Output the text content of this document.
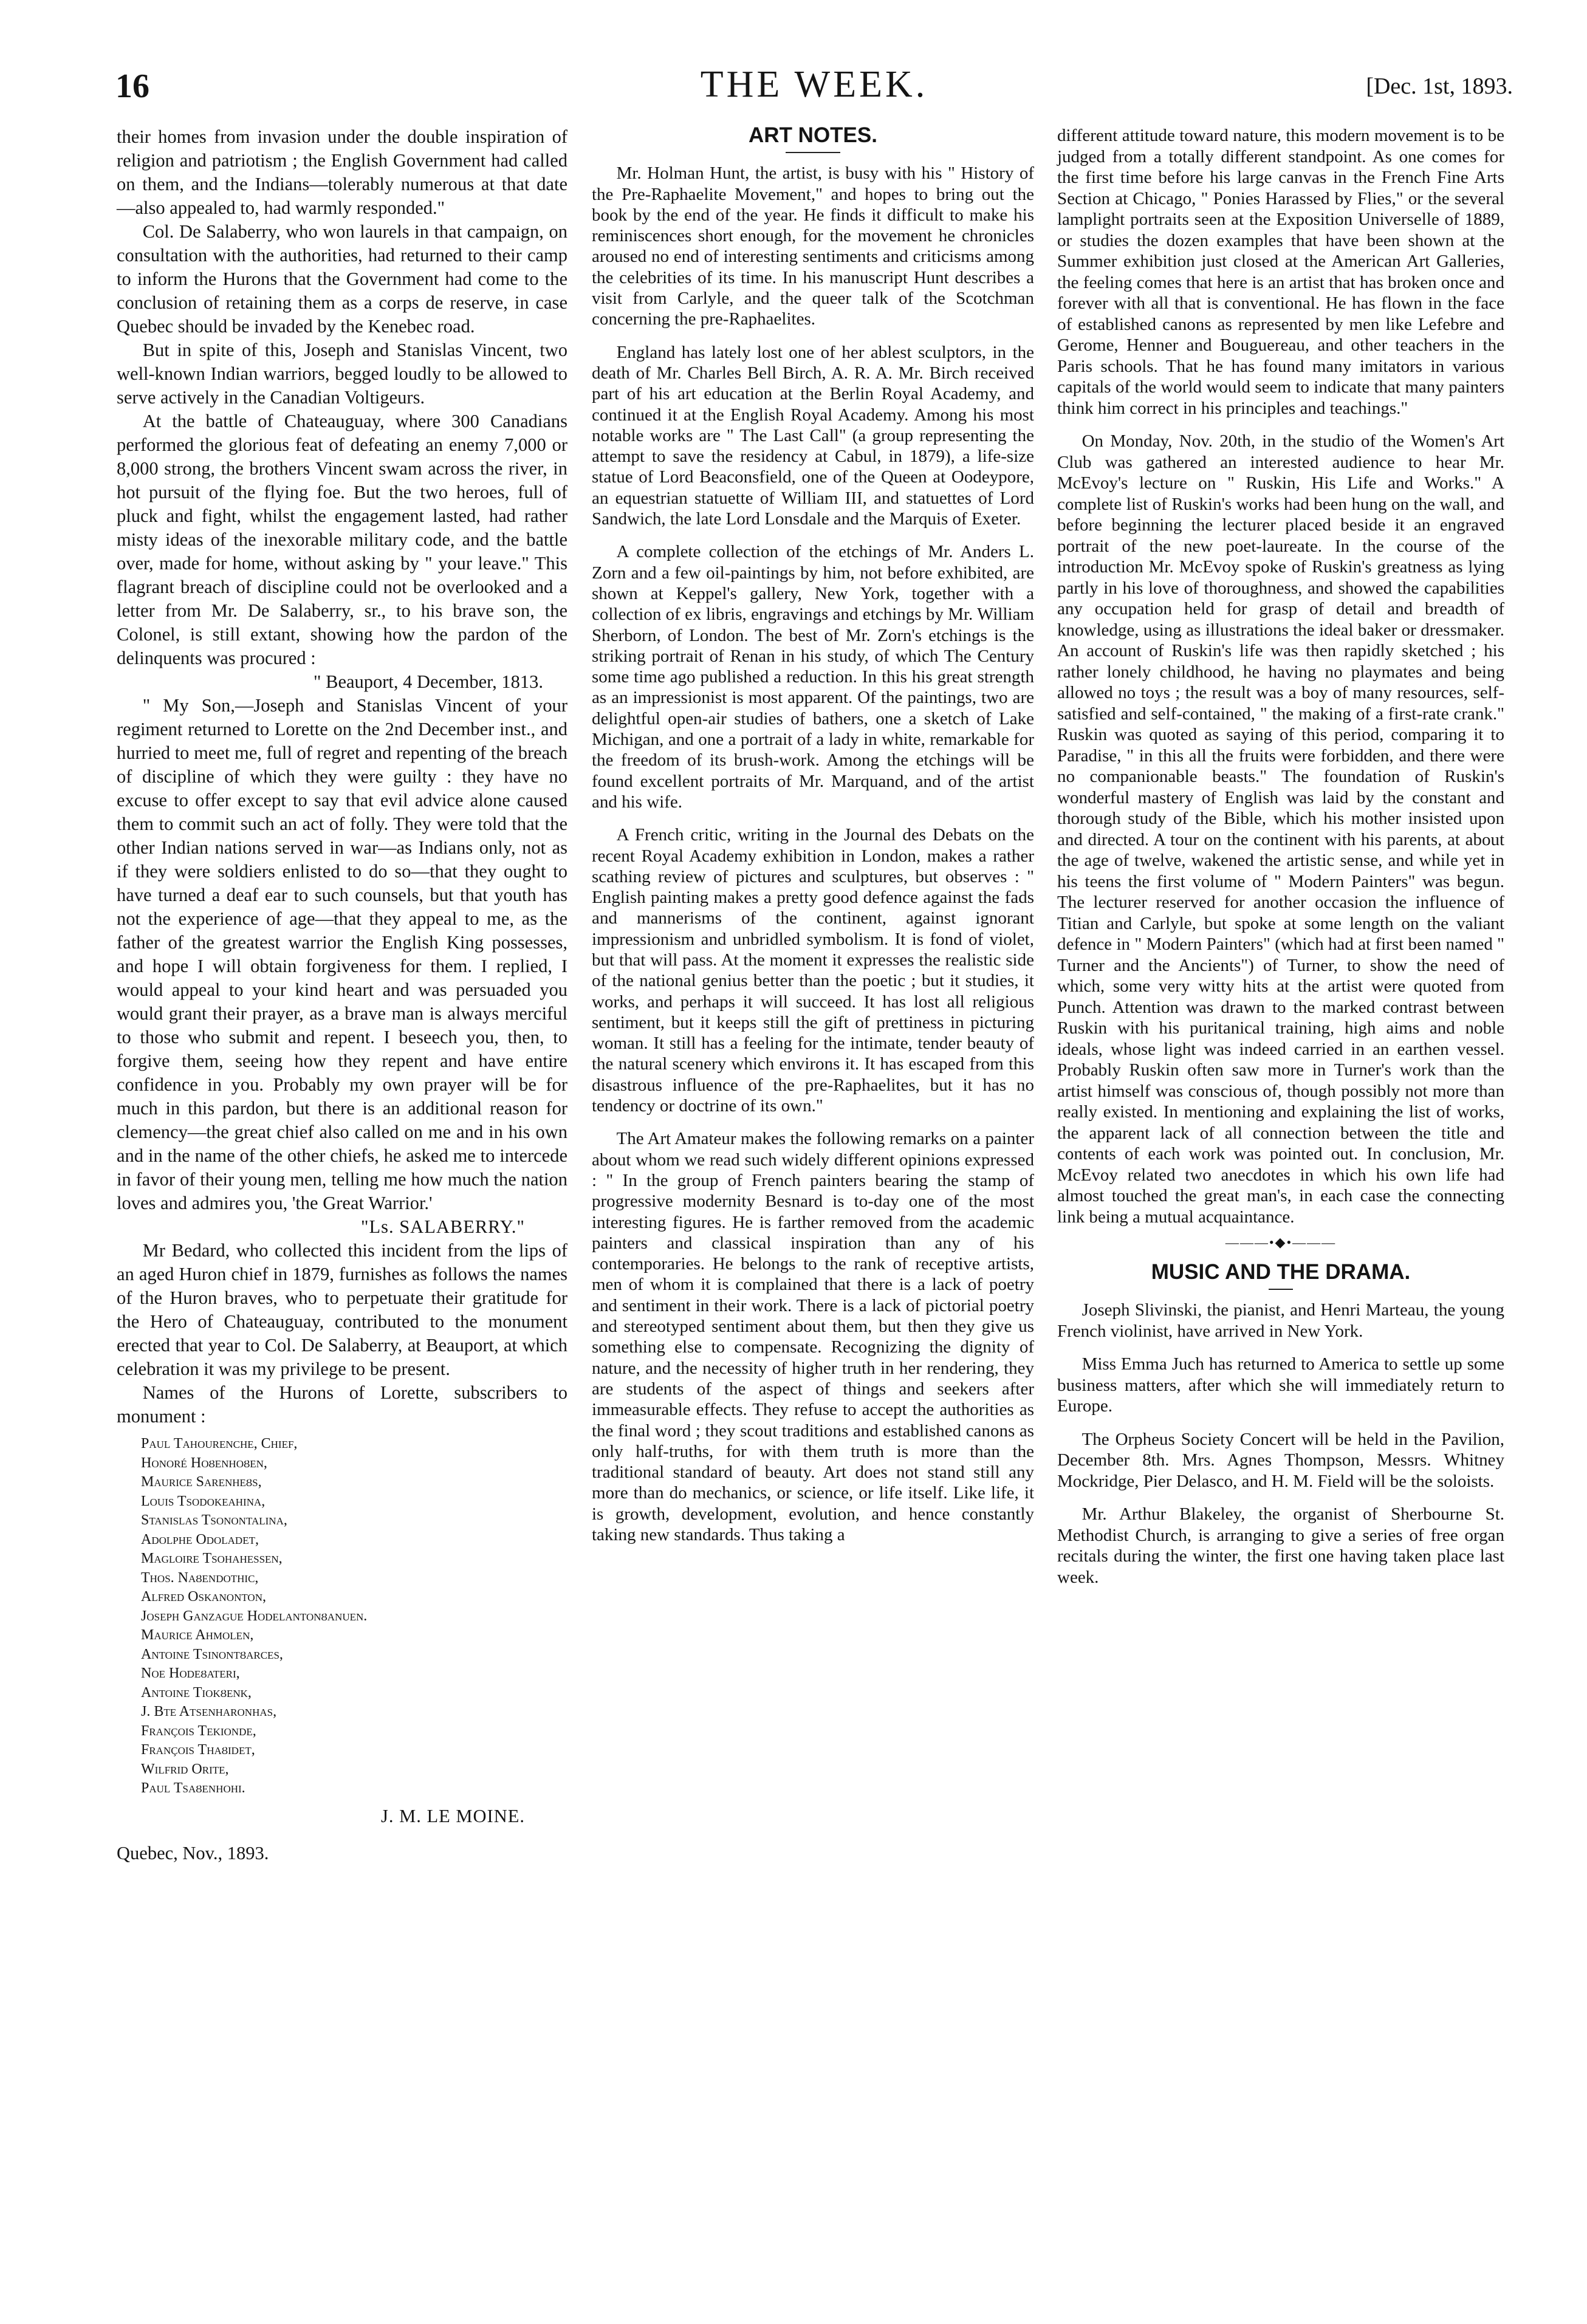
16	THE WEEK.	[Dec. 1st, 1893.

their homes from invasion under the double inspiration of religion and patriotism ; the English Government had called on them, and the Indians—tolerably numerous at that date —also appealed to, had warmly responded."

Col. De Salaberry, who won laurels in that campaign, on consultation with the authorities, had returned to their camp to inform the Hurons that the Government had come to the conclusion of retaining them as a corps de reserve, in case Quebec should be invaded by the Kenebec road.

But in spite of this, Joseph and Stanislas Vincent, two well-known Indian warriors, begged loudly to be allowed to serve actively in the Canadian Voltigeurs.

At the battle of Chateauguay, where 300 Canadians performed the glorious feat of defeating an enemy 7,000 or 8,000 strong, the brothers Vincent swam across the river, in hot pursuit of the flying foe. But the two heroes, full of pluck and fight, whilst the engagement lasted, had rather misty ideas of the inexorable military code, and the battle over, made for home, without asking by " your leave." This flagrant breach of discipline could not be overlooked and a letter from Mr. De Salaberry, sr., to his brave son, the Colonel, is still extant, showing how the pardon of the delinquents was procured :

" Beauport, 4 December, 1813.

" My Son,—Joseph and Stanislas Vincent of your regiment returned to Lorette on the 2nd December inst., and hurried to meet me, full of regret and repenting of the breach of discipline of which they were guilty : they have no excuse to offer except to say that evil advice alone caused them to commit such an act of folly. They were told that the other Indian nations served in war—as Indians only, not as if they were soldiers enlisted to do so—that they ought to have turned a deaf ear to such counsels, but that youth has not the experience of age—that they appeal to me, as the father of the greatest warrior the English King possesses, and hope I will obtain forgiveness for them. I replied, I would appeal to your kind heart and was persuaded you would grant their prayer, as a brave man is always merciful to those who submit and repent. I beseech you, then, to forgive them, seeing how they repent and have entire confidence in you. Probably my own prayer will be for much in this pardon, but there is an additional reason for clemency—the great chief also called on me and in his own and in the name of the other chiefs, he asked me to intercede in favor of their young men, telling me how much the nation loves and admires you, 'the Great Warrior.'

"Ls. SALABERRY."

Mr Bedard, who collected this incident from the lips of an aged Huron chief in 1879, furnishes as follows the names of the Huron braves, who to perpetuate their gratitude for the Hero of Chateauguay, contributed to the monument erected that year to Col. De Salaberry, at Beauport, at which celebration it was my privilege to be present.

Names of the Hurons of Lorette, subscribers to monument :

Paul Tahourenche, Chief,
Honoré Hoȣenhoȣen,
Maurice Sarenheȣs,
Louis Tsodokeahina,
Stanislas Tsonontalina,
Adolphe Odoladet,
Magloire Tsohahessen,
Thos. Naȣendothic,
Alfred Oskanonton,
Joseph Ganzague Hodelantonȣanuen.
Maurice Ahmolen,
Antoine Tsinontȣarces,
Noe Hodeȣateri,
Antoine Tiokȣenk,
J. Bte Atsenharonhas,
François Tekionde,
François Thaȣidet,
Wilfrid Orite,
Paul Tsaȣenhohi.

J. M. LE MOINE.

Quebec, Nov., 1893.

ART NOTES.

Mr. Holman Hunt, the artist, is busy with his " History of the Pre-Raphaelite Movement," and hopes to bring out the book by the end of the year. He finds it difficult to make his reminiscences short enough, for the movement he chronicles aroused no end of interesting sentiments and criticisms among the celebrities of its time. In his manuscript Hunt describes a visit from Carlyle, and the queer talk of the Scotchman concerning the pre-Raphaelites.

England has lately lost one of her ablest sculptors, in the death of Mr. Charles Bell Birch, A. R. A. Mr. Birch received part of his art education at the Berlin Royal Academy, and continued it at the English Royal Academy. Among his most notable works are " The Last Call" (a group representing the attempt to save the residency at Cabul, in 1879), a life-size statue of Lord Beaconsfield, one of the Queen at Oodeypore, an equestrian statuette of William III, and statuettes of Lord Sandwich, the late Lord Lonsdale and the Marquis of Exeter.

A complete collection of the etchings of Mr. Anders L. Zorn and a few oil-paintings by him, not before exhibited, are shown at Keppel's gallery, New York, together with a collection of ex libris, engravings and etchings by Mr. William Sherborn, of London. The best of Mr. Zorn's etchings is the striking portrait of Renan in his study, of which The Century some time ago published a reduction. In this his great strength as an impressionist is most apparent. Of the paintings, two are delightful open-air studies of bathers, one a sketch of Lake Michigan, and one a portrait of a lady in white, remarkable for the freedom of its brush-work. Among the etchings will be found excellent portraits of Mr. Marquand, and of the artist and his wife.

A French critic, writing in the Journal des Debats on the recent Royal Academy exhibition in London, makes a rather scathing review of pictures and sculptures, but observes : " English painting makes a pretty good defence against the fads and mannerisms of the continent, against ignorant impressionism and unbridled symbolism. It is fond of violet, but that will pass. At the moment it expresses the realistic side of the national genius better than the poetic ; but it studies, it works, and perhaps it will succeed. It has lost all religious sentiment, but it keeps still the gift of prettiness in picturing woman. It still has a feeling for the intimate, tender beauty of the natural scenery which environs it. It has escaped from this disastrous influence of the pre-Raphaelites, but it has no tendency or doctrine of its own."

The Art Amateur makes the following remarks on a painter about whom we read such widely different opinions expressed : " In the group of French painters bearing the stamp of progressive modernity Besnard is to-day one of the most interesting figures. He is farther removed from the academic painters and classical inspiration than any of his contemporaries. He belongs to the rank of receptive artists, men of whom it is complained that there is a lack of poetry and sentiment in their work. There is a lack of pictorial poetry and stereotyped sentiment about them, but then they give us something else to compensate. Recognizing the dignity of nature, and the necessity of higher truth in her rendering, they are students of the aspect of things and seekers after immeasurable effects. They refuse to accept the authorities as the final word ; they scout traditions and established canons as only half-truths, for with them truth is more than the traditional standard of beauty. Art does not stand still any more than do mechanics, or science, or life itself. Like life, it is growth, development, evolution, and hence constantly taking new standards. Thus taking a

different attitude toward nature, this modern movement is to be judged from a totally different standpoint. As one comes for the first time before his large canvas in the French Fine Arts Section at Chicago, " Ponies Harassed by Flies," or the several lamplight portraits seen at the Exposition Universelle of 1889, or studies the dozen examples that have been shown at the Summer exhibition just closed at the American Art Galleries, the feeling comes that here is an artist that has broken once and forever with all that is conventional. He has flown in the face of established canons as represented by men like Lefebre and Gerome, Henner and Bouguereau, and other teachers in the Paris schools. That he has found many imitators in various capitals of the world would seem to indicate that many painters think him correct in his principles and teachings."

On Monday, Nov. 20th, in the studio of the Women's Art Club was gathered an interested audience to hear Mr. McEvoy's lecture on " Ruskin, His Life and Works." A complete list of Ruskin's works had been hung on the wall, and before beginning the lecturer placed beside it an engraved portrait of the new poet-laureate. In the course of the introduction Mr. McEvoy spoke of Ruskin's greatness as lying partly in his love of thoroughness, and showed the capabilities any occupation held for grasp of detail and breadth of knowledge, using as illustrations the ideal baker or dressmaker. An account of Ruskin's life was then rapidly sketched ; his rather lonely childhood, he having no playmates and being allowed no toys ; the result was a boy of many resources, self-satisfied and self-contained, " the making of a first-rate crank." Ruskin was quoted as saying of this period, comparing it to Paradise, " in this all the fruits were forbidden, and there were no companionable beasts." The foundation of Ruskin's wonderful mastery of English was laid by the constant and thorough study of the Bible, which his mother insisted upon and directed. A tour on the continent with his parents, at about the age of twelve, wakened the artistic sense, and while yet in his teens the first volume of " Modern Painters" was begun. The lecturer reserved for another occasion the influence of Titian and Carlyle, but spoke at some length on the valiant defence in " Modern Painters" (which had at first been named " Turner and the Ancients") of Turner, to show the need of which, some very witty hits at the artist were quoted from Punch. Attention was drawn to the marked contrast between Ruskin with his puritanical training, high aims and noble ideals, whose light was indeed carried in an earthen vessel. Probably Ruskin often saw more in Turner's work than the artist himself was conscious of, though possibly not more than really existed. In mentioning and explaining the list of works, the apparent lack of all connection between the title and contents of each work was pointed out. In conclusion, Mr. McEvoy related two anecdotes in which his own life had almost touched the great man's, in each case the connecting link being a mutual acquaintance.

———•◆•———

MUSIC AND THE DRAMA.

Joseph Slivinski, the pianist, and Henri Marteau, the young French violinist, have arrived in New York.

Miss Emma Juch has returned to America to settle up some business matters, after which she will immediately return to Europe.

The Orpheus Society Concert will be held in the Pavilion, December 8th. Mrs. Agnes Thompson, Messrs. Whitney Mockridge, Pier Delasco, and H. M. Field will be the soloists.

Mr. Arthur Blakeley, the organist of Sherbourne St. Methodist Church, is arranging to give a series of free organ recitals during the winter, the first one having taken place last week.
